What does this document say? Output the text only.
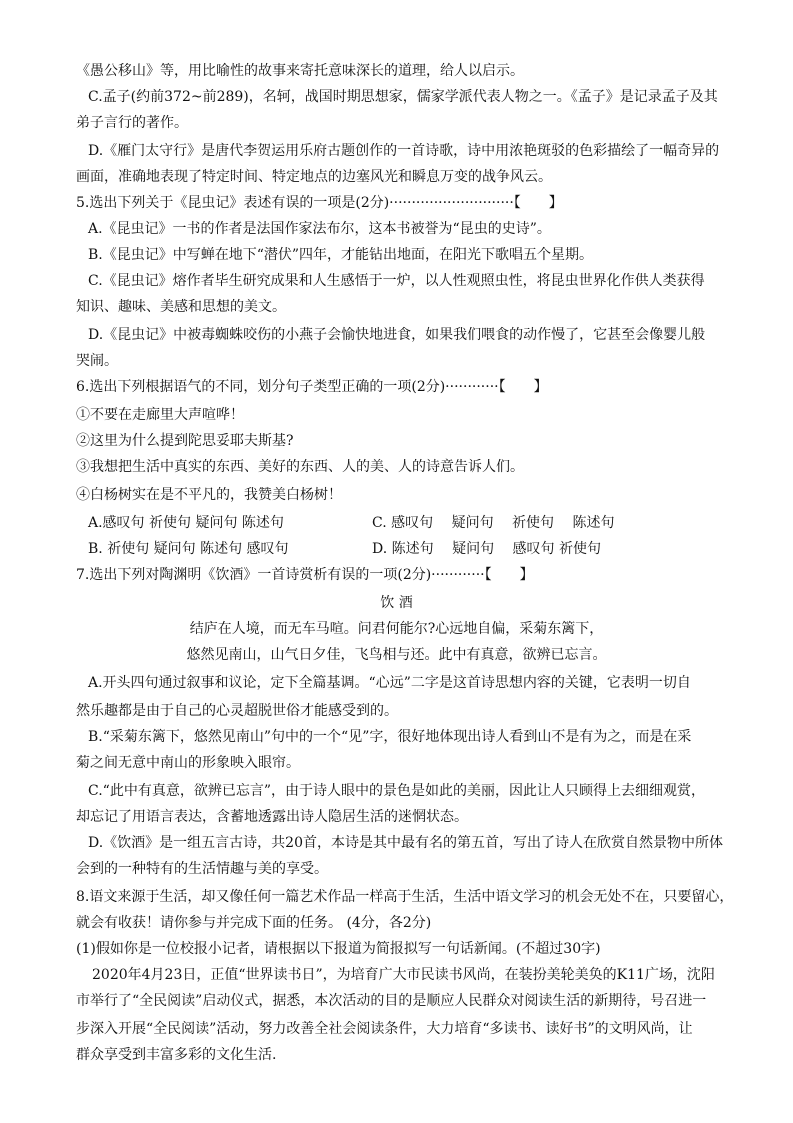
《愚公移山》等，用比喻性的故事来寄托意味深长的道理，给人以启示。
C.孟子(约前372~前289)，名轲，战国时期思想家，儒家学派代表人物之一。《孟子》是记录孟子及其
弟子言行的著作。
D.《雁门太守行》是唐代李贺运用乐府古题创作的一首诗歌，诗中用浓艳斑驳的色彩描绘了一幅奇异的
画面，准确地表现了特定时间、特定地点的边塞风光和瞬息万变的战争风云。
5.选出下列关于《昆虫记》表述有误的一项是(2分)····························【　　】
A.《昆虫记》一书的作者是法国作家法布尔，这本书被誉为“昆虫的史诗”。
B.《昆虫记》中写蝉在地下“潜伏”四年，才能钻出地面，在阳光下歌唱五个星期。
C.《昆虫记》熔作者毕生研究成果和人生感悟于一炉，以人性观照虫性，将昆虫世界化作供人类获得
知识、趣味、美感和思想的美文。
D.《昆虫记》中被毒蜘蛛咬伤的小燕子会愉快地进食，如果我们喂食的动作慢了，它甚至会像婴儿般
哭闹。
6.选出下列根据语气的不同，划分句子类型正确的一项(2分)············【　　】
①不要在走廊里大声喧哗！
②这里为什么提到陀思妥耶夫斯基?
③我想把生活中真实的东西、美好的东西、人的美、人的诗意告诉人们。
④白杨树实在是不平凡的，我赞美白杨树！
A.感叹句 祈使句 疑问句 陈述句	C. 感叹句　 疑问句　 祈使句　 陈述句
B. 祈使句 疑问句 陈述句 感叹句	D. 陈述句　 疑问句　 感叹句 祈使句
7.选出下列对陶渊明《饮酒》一首诗赏析有误的一项(2分)············【　　】
饮 酒
结庐在人境，而无车马喧。问君何能尔?心远地自偏，采菊东篱下，
悠然见南山，山气日夕佳，飞鸟相与还。此中有真意，欲辨已忘言。
A.开头四句通过叙事和议论，定下全篇基调。“心远”二字是这首诗思想内容的关键，它表明一切自
然乐趣都是由于自己的心灵超脱世俗才能感受到的。
B.“采菊东篱下，悠然见南山”句中的一个“见”字，很好地体现出诗人看到山不是有为之，而是在采
菊之间无意中南山的形象映入眼帘。
C.“此中有真意，欲辨已忘言”，由于诗人眼中的景色是如此的美丽，因此让人只顾得上去细细观赏，
却忘记了用语言表达，含蓄地透露出诗人隐居生活的迷惘状态。
D.《饮酒》是一组五言古诗，共20首，本诗是其中最有名的第五首，写出了诗人在欣赏自然景物中所体
会到的一种特有的生活情趣与美的享受。
8.语文来源于生活，却又像任何一篇艺术作品一样高于生活，生活中语文学习的机会无处不在，只要留心，
就会有收获！请你参与并完成下面的任务。 (4分，各2分)
(1)假如你是一位校报小记者，请根据以下报道为简报拟写一句话新闻。(不超过30字)
2020年4月23日，正值“世界读书日”，为培育广大市民读书风尚，在装扮美轮美奂的K11广场，沈阳
市举行了“全民阅读”启动仪式，据悉，本次活动的目的是顺应人民群众对阅读生活的新期待，号召进一
步深入开展“全民阅读”活动，努力改善全社会阅读条件，大力培育“多读书、读好书”的文明风尚，让
群众享受到丰富多彩的文化生活.
